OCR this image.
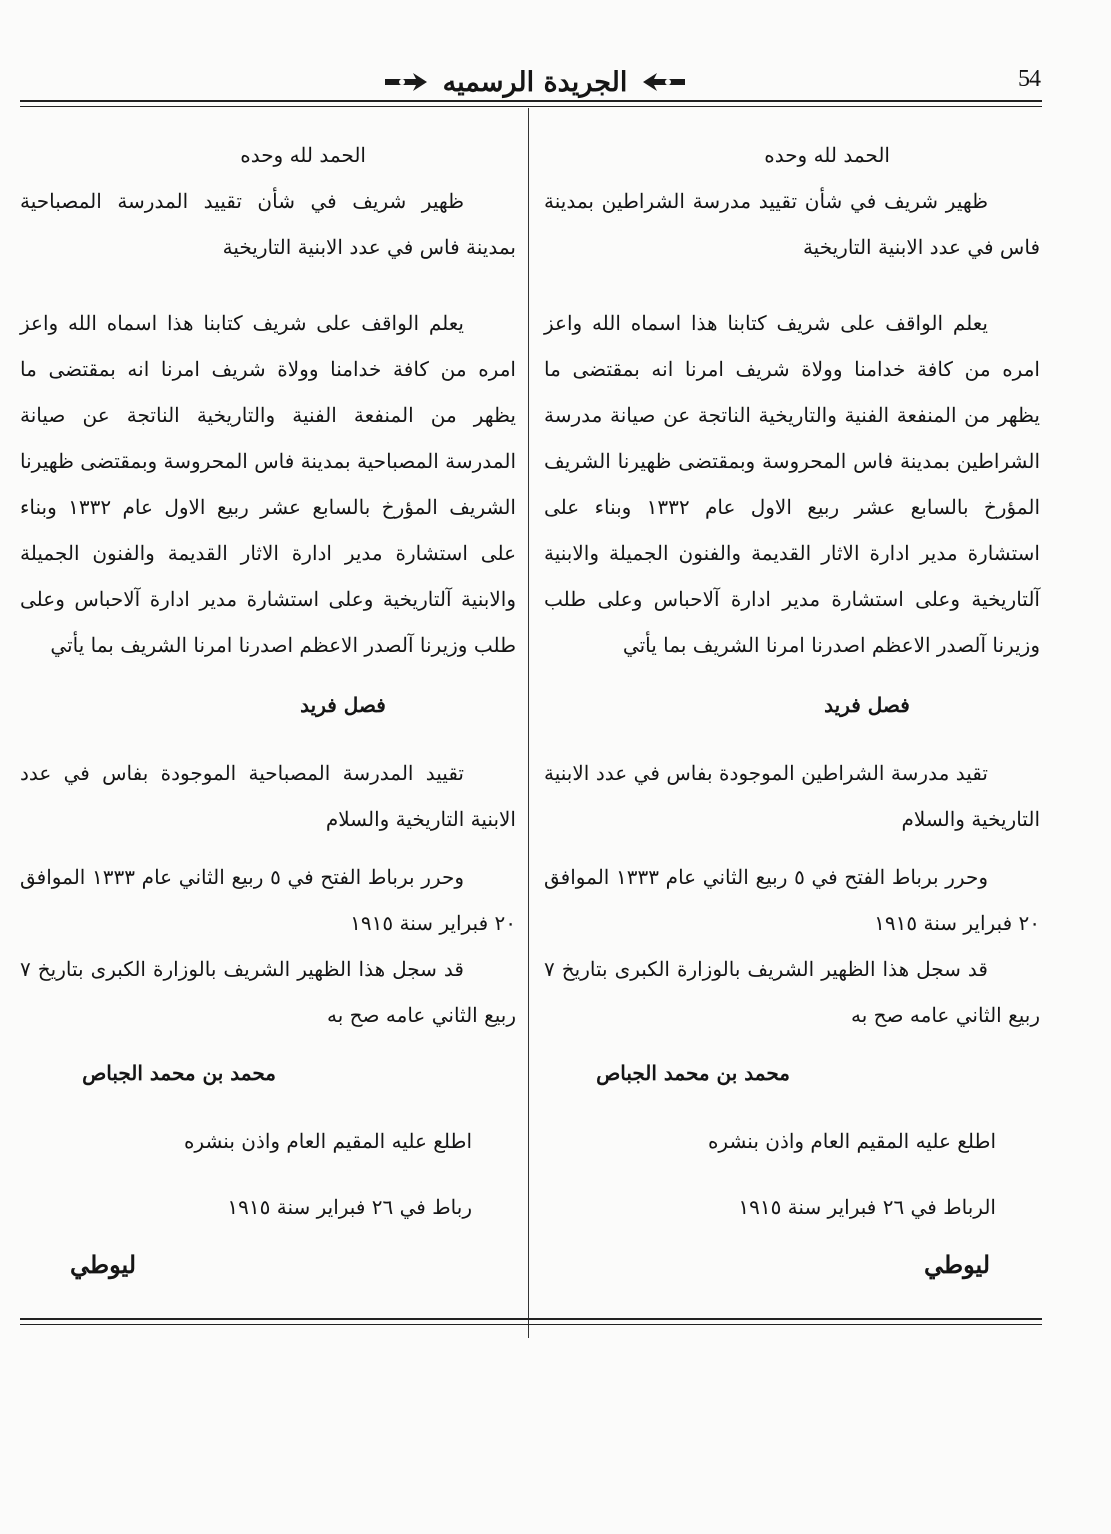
54
الجريدة الرسميه

الحمد لله وحده

ظهير شريف في شأن تقييد مدرسة الشراطين بمدينة فاس في عدد الابنية التاريخية

يعلم الواقف على شريف كتابنا هذا اسماه الله واعز امره من كافة خدامنا وولاة شريف امرنا انه بمقتضى ما يظهر من المنفعة الفنية والتاريخية الناتجة عن صيانة مدرسة الشراطين بمدينة فاس المحروسة وبمقتضى ظهيرنا الشريف المؤرخ بالسابع عشر ربيع الاول عام ١٣٣٢ وبناء على استشارة مدير ادارة الاثار القديمة والفنون الجميلة والابنية آلتاريخية وعلى استشارة مدير ادارة آلاحباس وعلى طلب وزيرنا آلصدر الاعظم اصدرنا امرنا الشريف بما يأتي

فصل فريد

تقيد مدرسة الشراطين الموجودة بفاس في عدد الابنية التاريخية والسلام

وحرر برباط الفتح في ٥ ربيع الثاني عام ١٣٣٣ الموافق ٢٠ فبراير سنة ١٩١٥

قد سجل هذا الظهير الشريف بالوزارة الكبرى بتاريخ ٧ ربيع الثاني عامه صح به

محمد بن محمد الجباص

اطلع عليه المقيم العام واذن بنشره

الرباط في ٢٦ فبراير سنة ١٩١٥

ليوطي

الحمد لله وحده

ظهير شريف في شأن تقييد المدرسة المصباحية بمدينة فاس في عدد الابنية التاريخية

يعلم الواقف على شريف كتابنا هذا اسماه الله واعز امره من كافة خدامنا وولاة شريف امرنا انه بمقتضى ما يظهر من المنفعة الفنية والتاريخية الناتجة عن صيانة المدرسة المصباحية بمدينة فاس المحروسة وبمقتضى ظهيرنا الشريف المؤرخ بالسابع عشر ربيع الاول عام ١٣٣٢ وبناء على استشارة مدير ادارة الاثار القديمة والفنون الجميلة والابنية آلتاريخية وعلى استشارة مدير ادارة آلاحباس وعلى طلب وزيرنا آلصدر الاعظم اصدرنا امرنا الشريف بما يأتي

فصل فريد

تقييد المدرسة المصباحية الموجودة بفاس في عدد الابنية التاريخية والسلام

وحرر برباط الفتح في ٥ ربيع الثاني عام ١٣٣٣ الموافق ٢٠ فبراير سنة ١٩١٥

قد سجل هذا الظهير الشريف بالوزارة الكبرى بتاريخ ٧ ربيع الثاني عامه صح به

محمد بن محمد الجباص

اطلع عليه المقيم العام واذن بنشره

رباط في ٢٦ فبراير سنة ١٩١٥

ليوطي
